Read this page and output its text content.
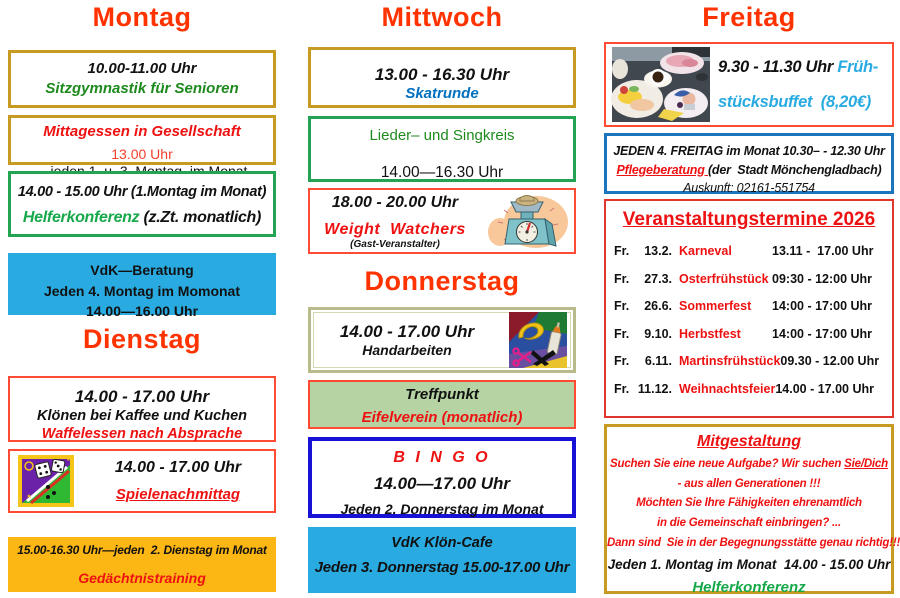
Montag
10.00-11.00 Uhr
Sitzgymnastik für Senioren
Mittagessen in Gesellschaft
13.00 Uhr
14.00 - 15.00 Uhr (1.Montag im Monat)
Helferkonferenz (z.Zt. monatlich)
VdK—Beratung
Jeden 4. Montag im Momonat
14.00—16.00 Uhr
Dienstag
14.00 - 17.00 Uhr
Klönen bei Kaffee und Kuchen
Waffelessen nach Absprache
14.00 - 17.00 Uhr
Spielenachmittag
15.00-16.30 Uhr—jeden  2. Dienstag im Monat
Gedächtnistraining
Mittwoch
13.00 - 16.30 Uhr
Skatrunde
Lieder– und Singkreis
14.00—16.30 Uhr
18.00 - 20.00 Uhr
Weight  Watchers
(Gast-Veranstalter)
Donnerstag
14.00 - 17.00 Uhr
Handarbeiten
Treffpunkt
Eifelverein (monatlich)
B I N G O
14.00—17.00 Uhr
Jeden 2. Donnerstag im Monat
VdK Klön-Cafe
Jeden 3. Donnerstag 15.00-17.00 Uhr
Freitag
9.30 - 11.30 Uhr Früh-
stücksbuffet  (8,20€)
JEDEN 4. FREITAG im Monat 10.30– - 12.30 Uhr
Pflegeberatung (der  Stadt Mönchengladbach)
Auskunft: 02161-551754
Veranstaltungstermine 2026
Fr.	13.2. Karneval	13.11 -  17.00 Uhr
Fr.	27.3. Osterfrühstück 09:30 - 12:00 Uhr
Fr.	26.6. Sommerfest	14:00 - 17:00 Uhr
Fr.	9.10. Herbstfest	14:00 - 17:00 Uhr
Fr.	6.11. Martinsfrühstück 09.30 - 12.00 Uhr
Fr. 11.12. Weihnachtsfeier 14.00 - 17.00 Uhr
Mitgestaltung
Suchen Sie eine neue Aufgabe? Wir suchen Sie/Dich
- aus allen Generationen !!!
Möchten Sie Ihre Fähigkeiten ehrenamtlich
in die Gemeinschaft einbringen? ...
Dann sind  Sie in der Begegnungsstätte genau richtig!!!
Jeden 1. Montag im Monat  14.00 - 15.00 Uhr
Helferkonferenz
